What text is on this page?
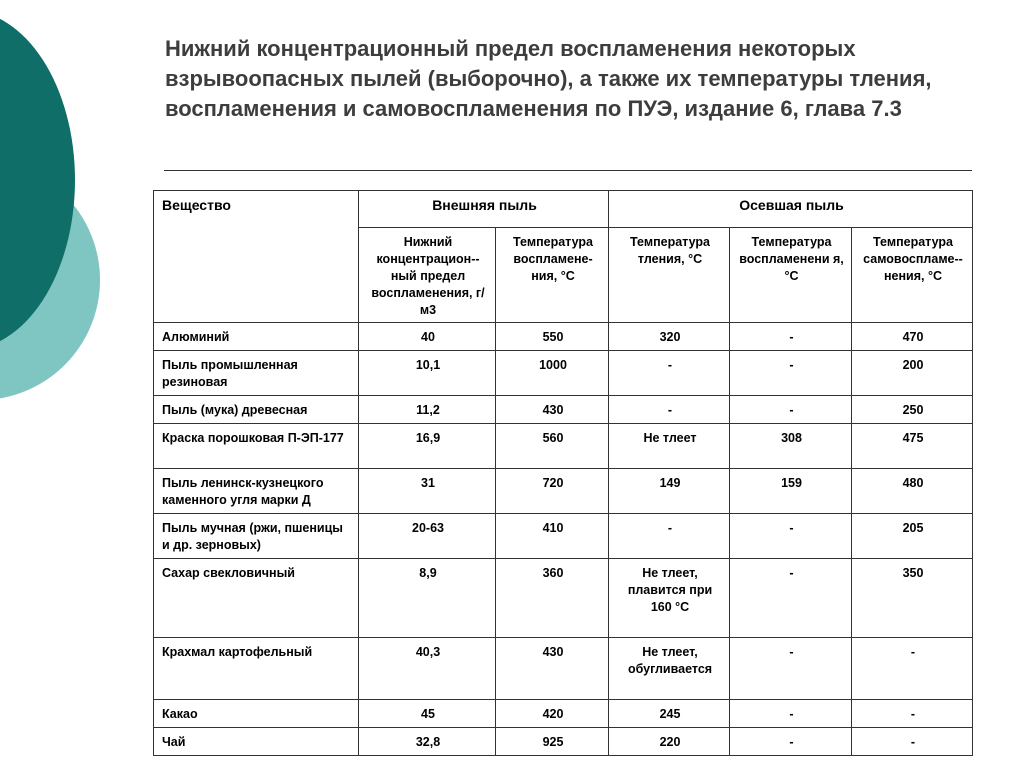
Нижний концентрационный предел воспламенения некоторых взрывоопасных пылей (выборочно), а также их температуры тления, воспламенения и самовоспламенения по ПУЭ, издание 6, глава 7.3
Вещество	Внешняя пыль		Осевшая пыль		
	Нижний концентрацион--ный предел воспламенения, г/м3	Температура воспламене-ния, °С	Температура тления, °С	Температура воспламенени я, °С	Температура самовоспламе--нения, °С
Алюминий	40	550	320	-	470
Пыль промышленная резиновая	10,1	1000	-	-	200
Пыль (мука) древесная	11,2	430	-	-	250
Краска порошковая П-ЭП-177	16,9	560	Не тлеет	308	475
Пыль ленинск-кузнецкого каменного угля марки Д	31	720	149	159	480
Пыль мучная (ржи, пшеницы и др. зерновых)	20-63	410	-	-	205
Сахар свекловичный	8,9	360	Не тлеет, плавится при 160 °С	-	350
Крахмал картофельный	40,3	430	Не тлеет, обугливается	-	-
Какао	45	420	245	-	-
Чай	32,8	925	220	-	-
